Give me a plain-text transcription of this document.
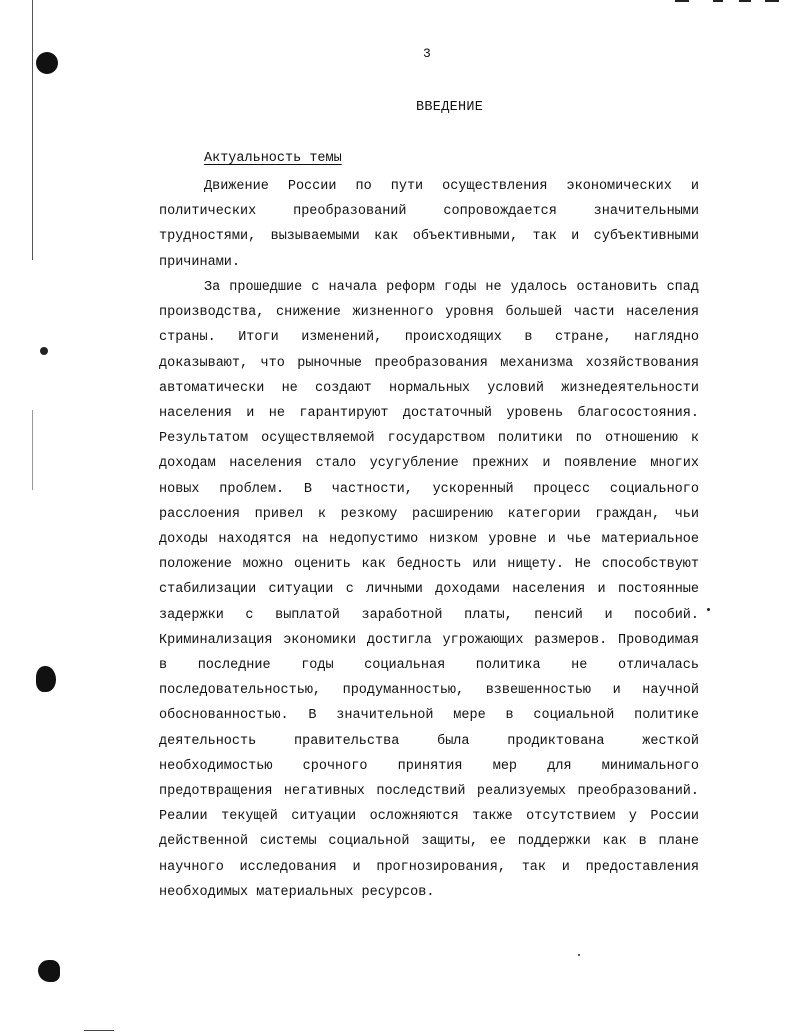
3
ВВЕДЕНИЕ
Актуальность темы

Движение России по пути осуществления экономических и политических преобразований сопровождается значительными трудностями, вызываемыми как объективными, так и субъективными причинами.

За прошедшие с начала реформ годы не удалось остановить спад производства, снижение жизненного уровня большей части населения страны. Итоги изменений, происходящих в стране, наглядно доказывают, что рыночные преобразования механизма хозяйствования автоматически не создают нормальных условий жизнедеятельности населения и не гарантируют достаточный уровень благосостояния. Результатом осуществляемой государством политики по отношению к доходам населения стало усугубление прежних и появление многих новых проблем. В частности, ускоренный процесс социального расслоения привел к резкому расширению категории граждан, чьи доходы находятся на недопустимо низком уровне и чье материальное положение можно оценить как бедность или нищету. Не способствуют стабилизации ситуации с личными доходами населения и постоянные задержки с выплатой заработной платы, пенсий и пособий. Криминализация экономики достигла угрожающих размеров. Проводимая в последние годы социальная политика не отличалась последовательностью, продуманностью, взвешенностью и научной обоснованностью. В значительной мере в социальной политике деятельность правительства была продиктована жесткой необходимостью срочного принятия мер для минимального предотвращения негативных последствий реализуемых преобразований. Реалии текущей ситуации осложняются также отсутствием у России действенной системы социальной защиты, ее поддержки как в плане научного исследования и прогнозирования, так и предоставления необходимых материальных ресурсов.
